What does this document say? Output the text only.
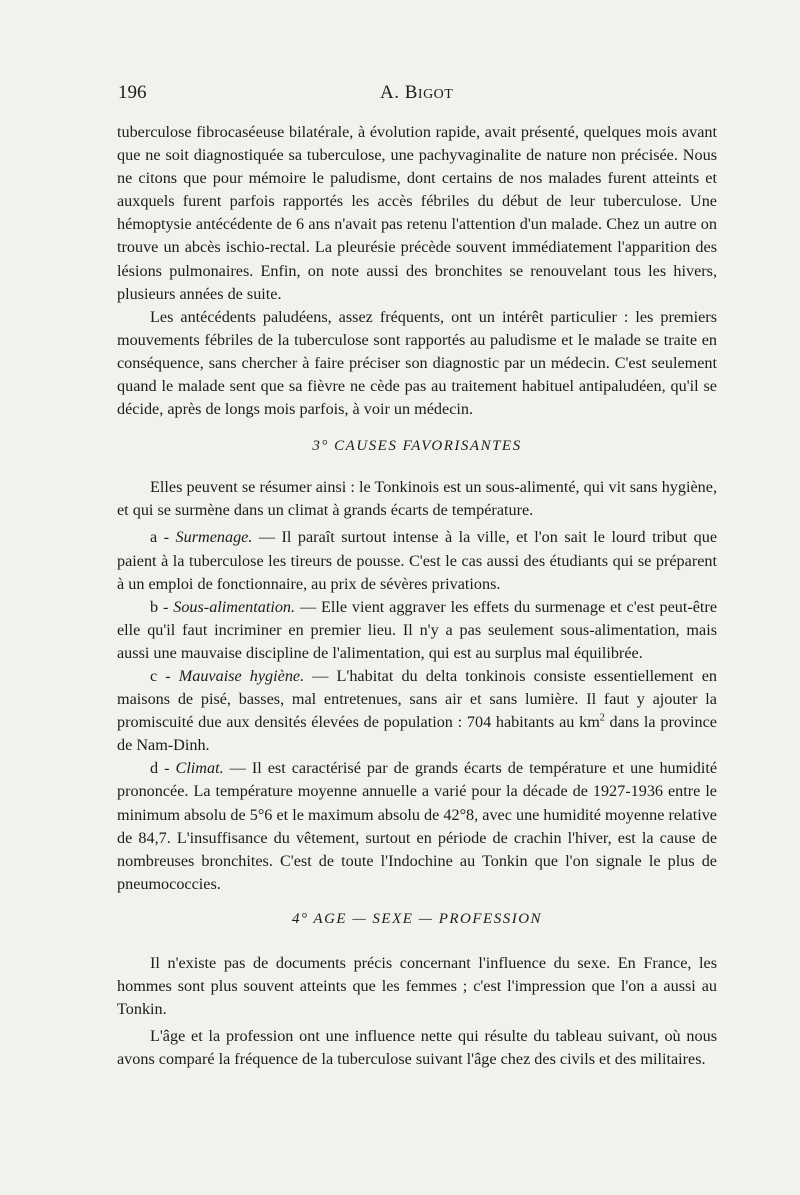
196	A. BIGOT

tuberculose fibrocaséeuse bilatérale, à évolution rapide, avait présenté, quelques mois avant que ne soit diagnostiquée sa tuberculose, une pachyvaginalite de nature non précisée. Nous ne citons que pour mémoire le paludisme, dont certains de nos malades furent atteints et auxquels furent parfois rapportés les accès fébriles du début de leur tuberculose. Une hémoptysie antécédente de 6 ans n'avait pas retenu l'attention d'un malade. Chez un autre on trouve un abcès ischio-rectal. La pleurésie précède souvent immédiatement l'apparition des lésions pulmonaires. Enfin, on note aussi des bronchites se renouvelant tous les hivers, plusieurs années de suite.

Les antécédents paludéens, assez fréquents, ont un intérêt particulier : les premiers mouvements fébriles de la tuberculose sont rapportés au paludisme et le malade se traite en conséquence, sans chercher à faire préciser son diagnostic par un médecin. C'est seulement quand le malade sent que sa fièvre ne cède pas au traitement habituel antipaludéen, qu'il se décide, après de longs mois parfois, à voir un médecin.

3° CAUSES FAVORISANTES

Elles peuvent se résumer ainsi : le Tonkinois est un sous-alimenté, qui vit sans hygiène, et qui se surmène dans un climat à grands écarts de température.

a - Surmenage. — Il paraît surtout intense à la ville, et l'on sait le lourd tribut que paient à la tuberculose les tireurs de pousse. C'est le cas aussi des étudiants qui se préparent à un emploi de fonctionnaire, au prix de sévères privations.

b - Sous-alimentation. — Elle vient aggraver les effets du surmenage et c'est peut-être elle qu'il faut incriminer en premier lieu. Il n'y a pas seulement sous-alimentation, mais aussi une mauvaise discipline de l'alimentation, qui est au surplus mal équilibrée.

c - Mauvaise hygiène. — L'habitat du delta tonkinois consiste essentiellement en maisons de pisé, basses, mal entretenues, sans air et sans lumière. Il faut y ajouter la promiscuité due aux densités élevées de population : 704 habitants au $km^2$ dans la province de Nam-Dinh.

d - Climat. — Il est caractérisé par de grands écarts de température et une humidité prononcée. La température moyenne annuelle a varié pour la décade de 1927-1936 entre le minimum absolu de 5°6 et le maximum absolu de 42°8, avec une humidité moyenne relative de 84,7. L'insuffisance du vêtement, surtout en période de crachin l'hiver, est la cause de nombreuses bronchites. C'est de toute l'Indochine au Tonkin que l'on signale le plus de pneumococcies.

4° AGE — SEXE — PROFESSION

Il n'existe pas de documents précis concernant l'influence du sexe. En France, les hommes sont plus souvent atteints que les femmes ; c'est l'impression que l'on a aussi au Tonkin.

L'âge et la profession ont une influence nette qui résulte du tableau suivant, où nous avons comparé la fréquence de la tuberculose suivant l'âge chez des civils et des militaires.
